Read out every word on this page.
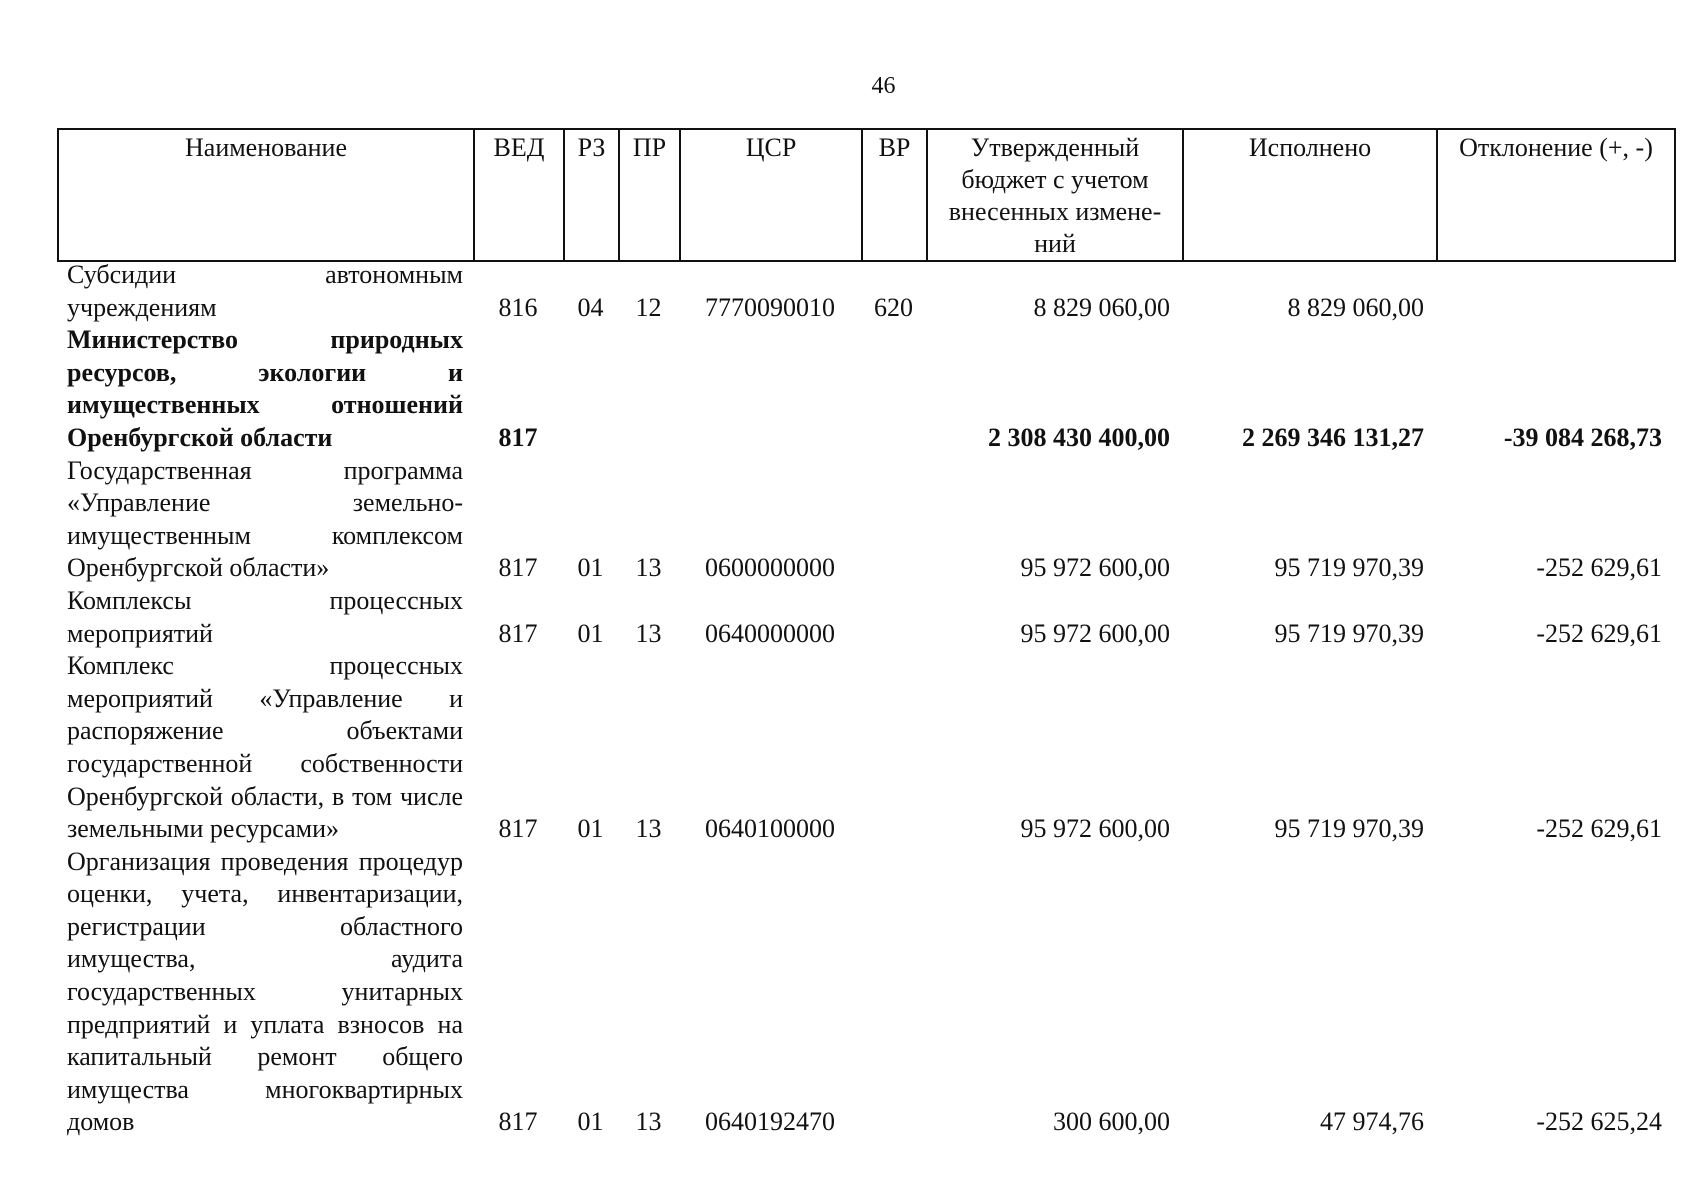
46
Наименование	ВЕД	РЗ	ПР	ЦСР	ВР	Утвержденный бюджет с учетом внесенных измене-ний	Исполнено	Отклонение (+, -)
Субсидии автономным учреждениям	816	04	12	7770090010	620	8 829 060,00	8 829 060,00	
Министерство природных ресурсов, экологии и имущественных отношений Оренбургской области	817					2 308 430 400,00	2 269 346 131,27	-39 084 268,73
Государственная программа «Управление земельно-имущественным комплексом Оренбургской области»	817	01	13	0600000000		95 972 600,00	95 719 970,39	-252 629,61
Комплексы процессных мероприятий	817	01	13	0640000000		95 972 600,00	95 719 970,39	-252 629,61
Комплекс процессных мероприятий «Управление и распоряжение объектами государственной собственности Оренбургской области, в том числе земельными ресурсами»	817	01	13	0640100000		95 972 600,00	95 719 970,39	-252 629,61
Организация проведения процедур оценки, учета, инвентаризации, регистрации областного имущества, аудита государственных унитарных предприятий и уплата взносов на капитальный ремонт общего имущества многоквартирных домов	817	01	13	0640192470		300 600,00	47 974,76	-252 625,24
